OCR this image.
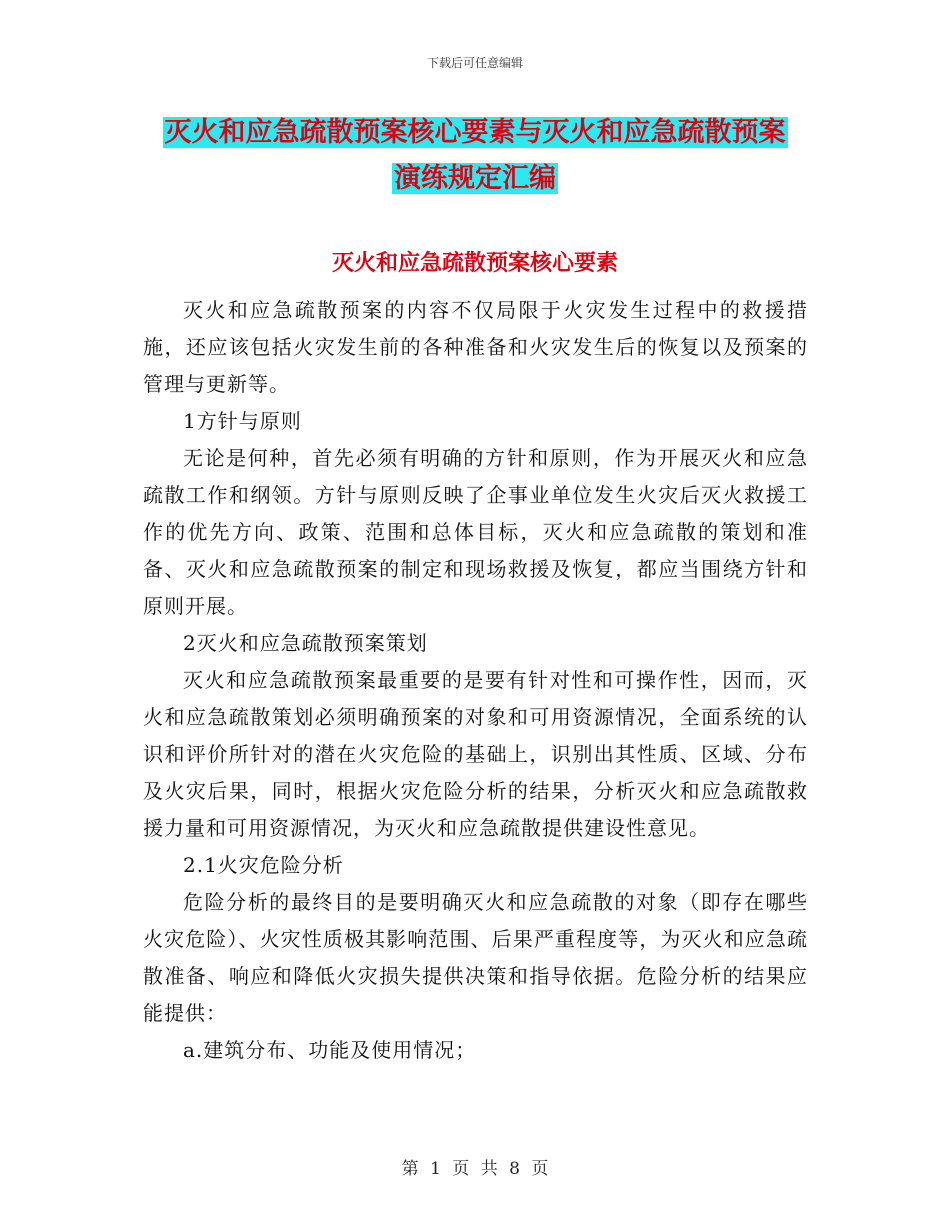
下载后可任意编辑
灭火和应急疏散预案核心要素与灭火和应急疏散预案
演练规定汇编
灭火和应急疏散预案核心要素

灭火和应急疏散预案的内容不仅局限于火灾发生过程中的救援措施，还应该包括火灾发生前的各种准备和火灾发生后的恢复以及预案的管理与更新等。

1方针与原则

无论是何种，首先必须有明确的方针和原则，作为开展灭火和应急疏散工作和纲领。方针与原则反映了企事业单位发生火灾后灭火救援工作的优先方向、政策、范围和总体目标，灭火和应急疏散的策划和准备、灭火和应急疏散预案的制定和现场救援及恢复，都应当围绕方针和原则开展。

2灭火和应急疏散预案策划

灭火和应急疏散预案最重要的是要有针对性和可操作性，因而，灭火和应急疏散策划必须明确预案的对象和可用资源情况，全面系统的认识和评价所针对的潜在火灾危险的基础上，识别出其性质、区域、分布及火灾后果，同时，根据火灾危险分析的结果，分析灭火和应急疏散救援力量和可用资源情况，为灭火和应急疏散提供建设性意见。

2.1火灾危险分析

危险分析的最终目的是要明确灭火和应急疏散的对象（即存在哪些火灾危险）、火灾性质极其影响范围、后果严重程度等，为灭火和应急疏散准备、响应和降低火灾损失提供决策和指导依据。危险分析的结果应能提供：

a.建筑分布、功能及使用情况；

第 1 页 共 8 页
